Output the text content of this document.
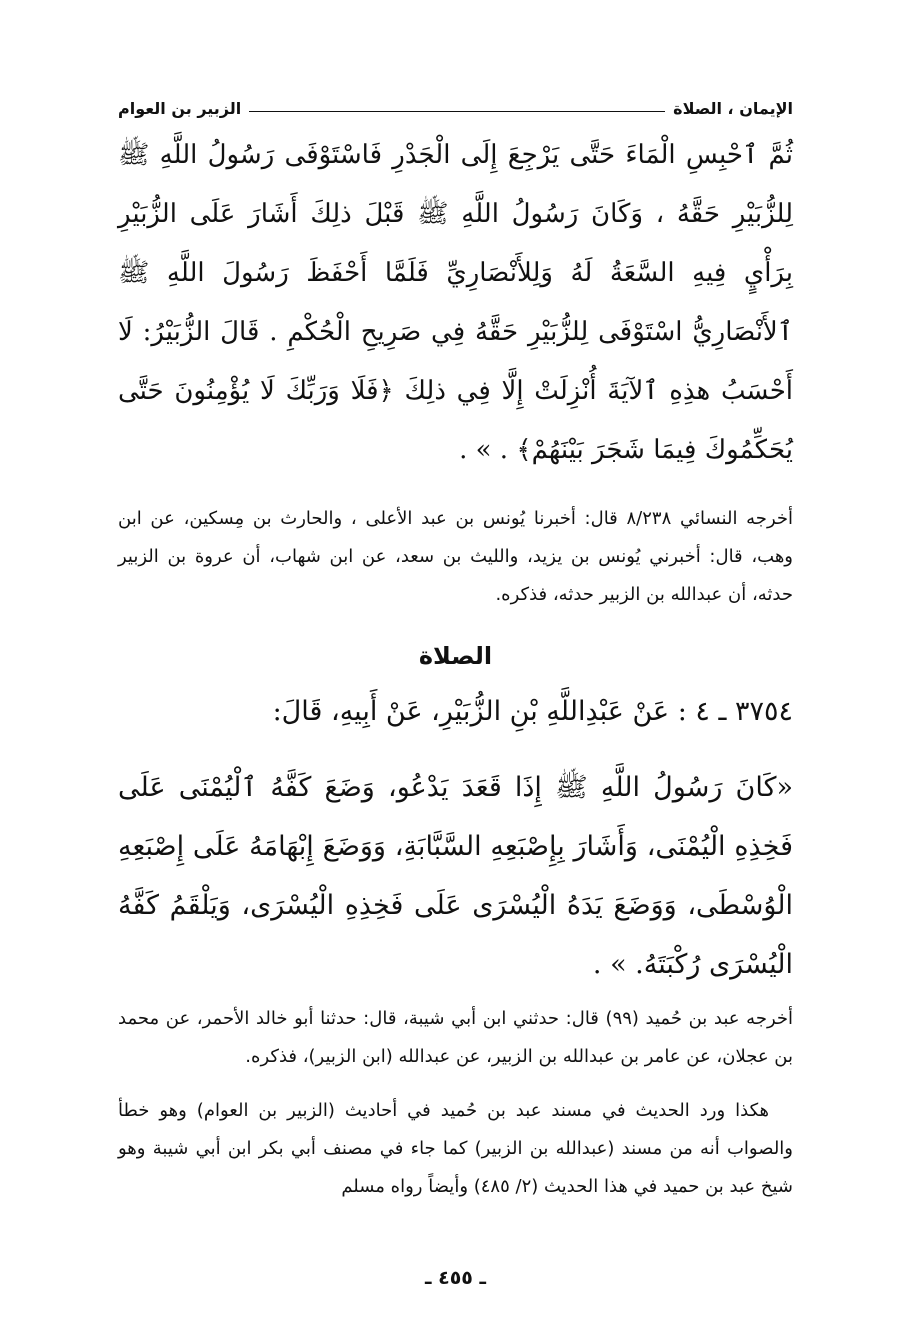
الإيمان ، الصلاة
الزبير بن العوام

ثُمَّ ٱحْبِسِ الْمَاءَ حَتَّى يَرْجِعَ إِلَى الْجَدْرِ فَاسْتَوْفَى رَسُولُ اللَّهِ ﷺ لِلزُّبَيْرِ حَقَّهُ ، وَكَانَ رَسُولُ اللَّهِ ﷺ قَبْلَ ذلِكَ أَشَارَ عَلَى الزُّبَيْرِ بِرَأْيٍ فِيهِ السَّعَةُ لَهُ وَلِلأَنْصَارِيِّ فَلَمَّا أَحْفَظَ رَسُولَ اللَّهِ ﷺ ٱلأَنْصَارِيُّ اسْتَوْفَى لِلزُّبَيْرِ حَقَّهُ فِي صَرِيحِ الْحُكْمِ . قَالَ الزُّبَيْرُ: لَا أَحْسَبُ هذِهِ ٱلآيَةَ أُنْزِلَتْ إِلَّا فِي ذلِكَ ﴿فَلَا وَرَبِّكَ لَا يُؤْمِنُونَ حَتَّى يُحَكِّمُوكَ فِيمَا شَجَرَ بَيْنَهُمْ﴾ . » .

أخرجه النسائي ٨/٢٣٨ قال: أخبرنا يُونس بن عبد الأعلى ، والحارث بن مِسكين، عن ابن وهب، قال: أخبرني يُونس بن يزيد، والليث بن سعد، عن ابن شهاب، أن عروة بن الزبير حدثه، أن عبدالله بن الزبير حدثه، فذكره.

الصلاة

٣٧٥٤ ـ ٤ : عَنْ عَبْدِاللَّهِ بْنِ الزُّبَيْرِ، عَنْ أَبِيهِ، قَالَ:

«كَانَ رَسُولُ اللَّهِ ﷺ إِذَا قَعَدَ يَدْعُو، وَضَعَ كَفَّهُ ٱلْيُمْنَى عَلَى فَخِذِهِ الْيُمْنَى، وَأَشَارَ بِإِصْبَعِهِ السَّبَّابَةِ، وَوَضَعَ إِبْهَامَهُ عَلَى إِصْبَعِهِ الْوُسْطَى، وَوَضَعَ يَدَهُ الْيُسْرَى عَلَى فَخِذِهِ الْيُسْرَى، وَيَلْقَمُ كَفَّهُ الْيُسْرَى رُكْبَتَهُ. » .

أخرجه عبد بن حُميد (٩٩) قال: حدثني ابن أبي شيبة، قال: حدثنا أبو خالد الأحمر، عن محمد بن عجلان، عن عامر بن عبدالله بن الزبير، عن عبدالله (ابن الزبير)، فذكره.

هكذا ورد الحديث في مسند عبد بن حُميد في أحاديث (الزبير بن العوام) وهو خطأ والصواب أنه من مسند (عبدالله بن الزبير) كما جاء في مصنف أبي بكر ابن أبي شيبة وهو شيخ عبد بن حميد في هذا الحديث (٢/ ٤٨٥) وأيضاً رواه مسلم

ـ ٤٥٥ ـ
